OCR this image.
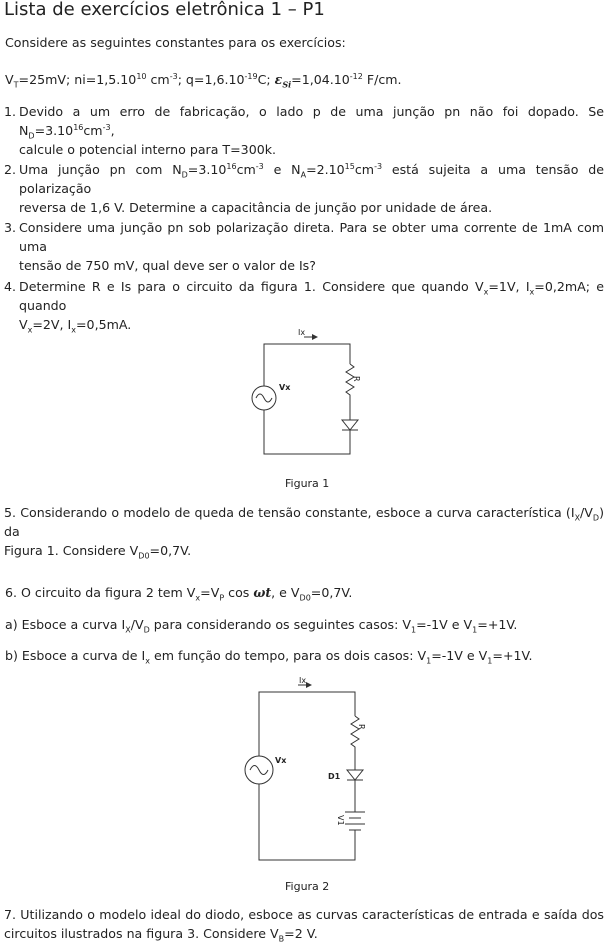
Lista de exercícios eletrônica 1 – P1
Considere as seguintes constantes para os exercícios:
$V_T=25mV$; $ni=1,5.10^{10}$ $cm^{-3}$; $q=1,6.10^{-19}C$; $\varepsilon_{Si}=1,04.10^{-12}$ F/cm.
1. Devido a um erro de fabricação, o lado p de uma junção pn não foi dopado. Se $N_D=3.10^{16}cm^{-3}$,
calcule o potencial interno para T=300k.
2. Uma junção pn com $N_D=3.10^{16}cm^{-3}$ e $N_A=2.10^{15}cm^{-3}$ está sujeita a uma tensão de polarização
reversa de 1,6 V. Determine a capacitância de junção por unidade de área.
3. Considere uma junção pn sob polarização direta. Para se obter uma corrente de 1mA com uma
tensão de 750 mV, qual deve ser o valor de Is?
4. Determine R e Is para o circuito da figura 1. Considere que quando $V_x=1V$, $I_x=0,2mA$; e quando
$V_x=2V$, $I_x=0,5mA$.
Ix
Vx
R
Figura 1
5. Considerando o modelo de queda de tensão constante, esboce a curva característica $(I_X/V_D)$ da
Figura 1. Considere $V_{D0}=0,7V$.
6. O circuito da figura 2 tem $V_x=V_P$ cos ωt, e $V_{D0}=0,7V$.
a) Esboce a curva $I_X/V_D$ para considerando os seguintes casos: $V_1=-1V$ e $V_1=+1V$.
b) Esboce a curva de $I_x$ em função do tempo, para os dois casos: $V_1=-1V$ e $V_1=+1V$.
Ix
Vx
R
D1
V1
Figura 2
7. Utilizando o modelo ideal do diodo, esboce as curvas características de entrada e saída dos
circuitos ilustrados na figura 3. Considere $V_B=2$ V.
